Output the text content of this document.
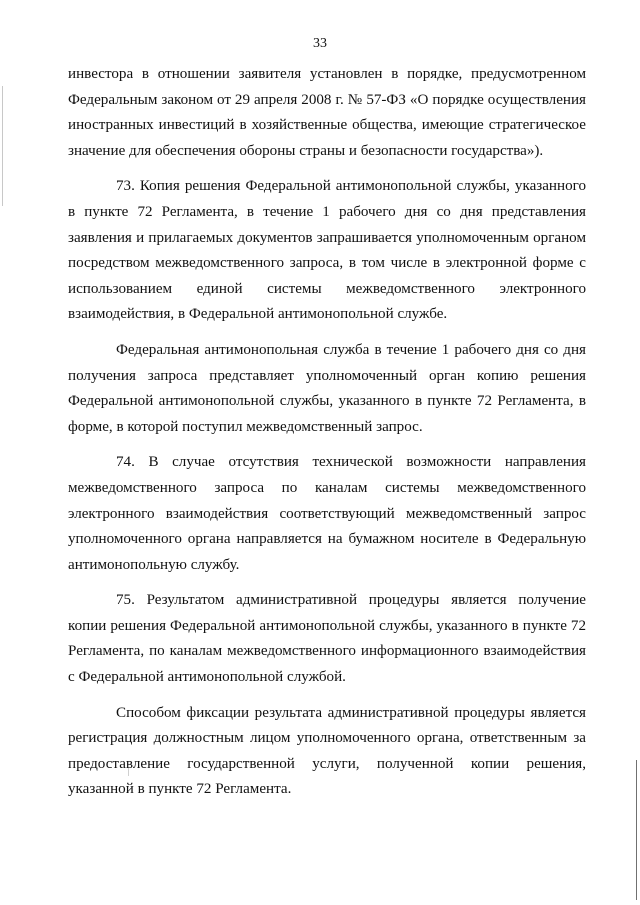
33

инвестора в отношении заявителя установлен в порядке, предусмотренном
Федеральным законом от 29 апреля 2008 г. № 57-ФЗ «О порядке осуществления
иностранных инвестиций в хозяйственные общества, имеющие стратегическое
значение для обеспечения обороны страны и безопасности государства»).

73. Копия решения Федеральной антимонопольной службы, указанного
в пункте 72 Регламента, в течение 1 рабочего дня со дня представления
заявления и прилагаемых документов запрашивается уполномоченным органом
посредством межведомственного запроса, в том числе в электронной форме с
использованием единой системы межведомственного электронного
взаимодействия, в Федеральной антимонопольной службе.

Федеральная антимонопольная служба в течение 1 рабочего дня со дня
получения запроса представляет уполномоченный орган копию решения
Федеральной антимонопольной службы, указанного в пункте 72 Регламента, в
форме, в которой поступил межведомственный запрос.

74. В случае отсутствия технической возможности направления
межведомственного запроса по каналам системы межведомственного
электронного взаимодействия соответствующий межведомственный запрос
уполномоченного органа направляется на бумажном носителе в Федеральную
антимонопольную службу.

75. Результатом административной процедуры является получение
копии решения Федеральной антимонопольной службы, указанного в пункте 72
Регламента, по каналам межведомственного информационного взаимодействия
с Федеральной антимонопольной службой.

Способом фиксации результата административной процедуры является
регистрация должностным лицом уполномоченного органа, ответственным за
предоставление государственной услуги, полученной копии решения,
указанной в пункте 72 Регламента.
